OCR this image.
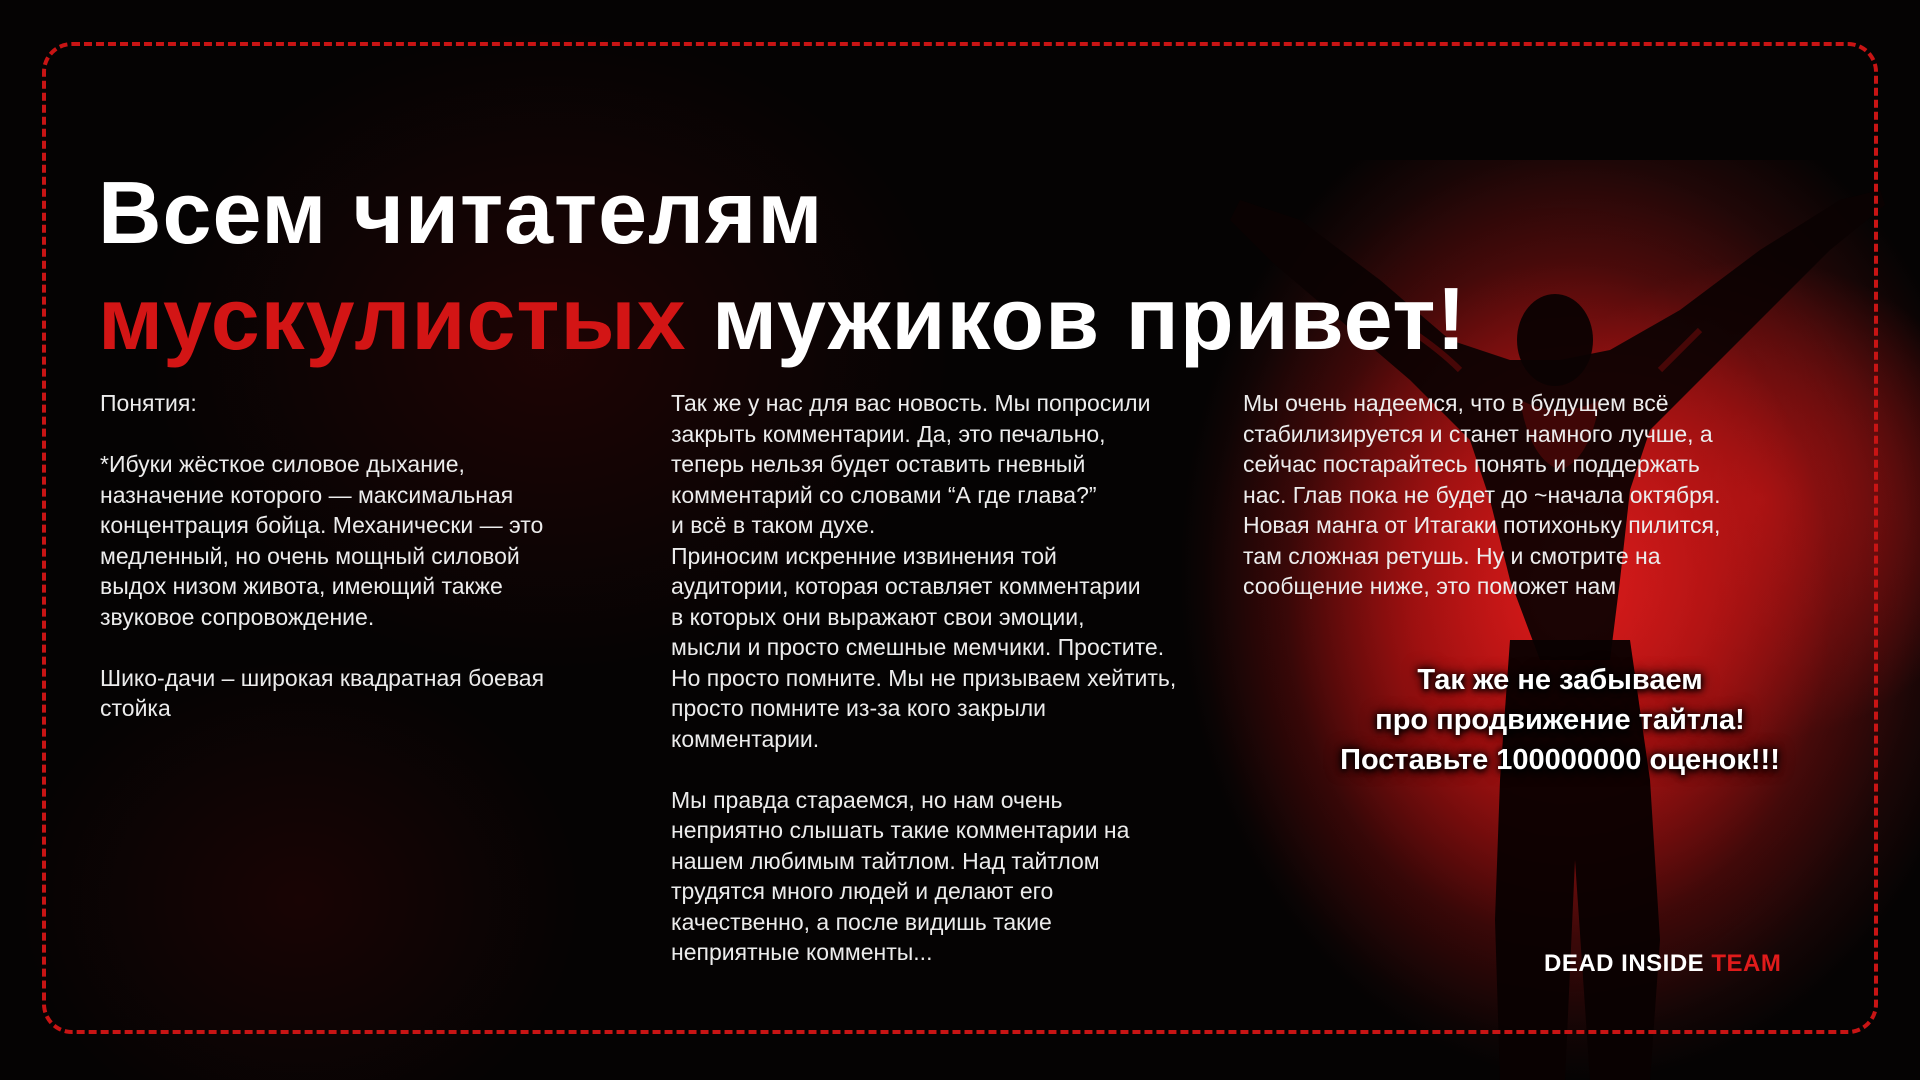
Всем читателям
мускулистых мужиков привет!

Понятия:

*Ибуки жёсткое силовое дыхание,
назначение которого — максимальная
концентрация бойца. Механически — это
медленный, но очень мощный силовой
выдох низом живота, имеющий также
звуковое сопровождение.

Шико-дачи – широкая квадратная боевая
стойка

Так же у нас для вас новость. Мы попросили
закрыть комментарии. Да, это печально,
теперь нельзя будет оставить гневный
комментарий со словами “А где глава?”
и всё в таком духе.
Приносим искренние извинения той
аудитории, которая оставляет комментарии
в которых они выражают свои эмоции,
мысли и просто смешные мемчики. Простите.
Но просто помните. Мы не призываем хейтить,
просто помните из-за кого закрыли
комментарии.

Мы правда стараемся, но нам очень
неприятно слышать такие комментарии на
нашем любимым тайтлом. Над тайтлом
трудятся много людей и делают его
качественно, а после видишь такие
неприятные комменты...

Мы очень надеемся, что в будущем всё
стабилизируется и станет намного лучше, а
сейчас постарайтесь понять и поддержать
нас. Глав пока не будет до ~начала октября.
Новая манга от Итагаки потихоньку пилится,
там сложная ретушь. Ну и смотрите на
сообщение ниже, это поможет нам

Так же не забываем
про продвижение тайтла!
Поставьте 100000000 оценок!!!
DEAD INSIDE TEAM
